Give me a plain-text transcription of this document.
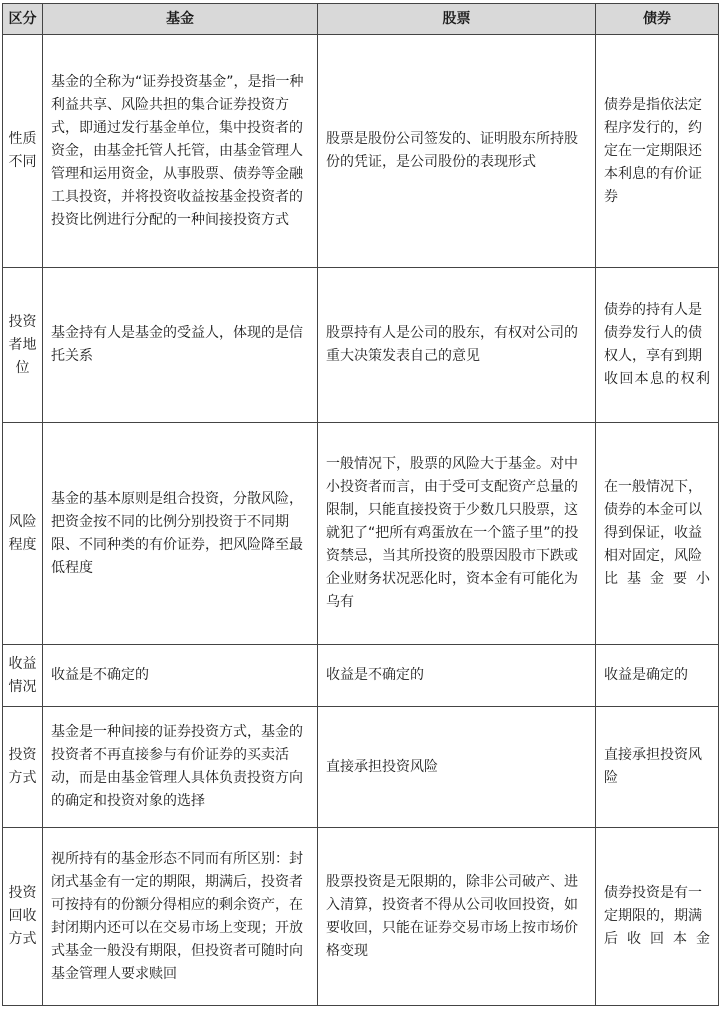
区分	基金	股票	债券
性质不同	基金的全称为“证券投资基金”，是指一种利益共享、风险共担的集合证券投资方式，即通过发行基金单位，集中投资者的资金，由基金托管人托管，由基金管理人管理和运用资金，从事股票、债券等金融工具投资，并将投资收益按基金投资者的投资比例进行分配的一种间接投资方式	股票是股份公司签发的、证明股东所持股份的凭证，是公司股份的表现形式	债券是指依法定程序发行的，约定在一定期限还本利息的有价证券
投资者地位	基金持有人是基金的受益人，体现的是信托关系	股票持有人是公司的股东，有权对公司的重大决策发表自己的意见	债券的持有人是债券发行人的债权人，享有到期收回本息的权利
风险程度	基金的基本原则是组合投资，分散风险，把资金按不同的比例分别投资于不同期限、不同种类的有价证券，把风险降至最低程度	一般情况下，股票的风险大于基金。对中小投资者而言，由于受可支配资产总量的限制，只能直接投资于少数几只股票，这就犯了“把所有鸡蛋放在一个篮子里”的投资禁忌，当其所投资的股票因股市下跌或企业财务状况恶化时，资本金有可能化为乌有	在一般情况下，债券的本金可以得到保证，收益相对固定，风险比基金要小
收益情况	收益是不确定的	收益是不确定的	收益是确定的
投资方式	基金是一种间接的证券投资方式，基金的投资者不再直接参与有价证券的买卖活动，而是由基金管理人具体负责投资方向的确定和投资对象的选择	直接承担投资风险	直接承担投资风险
投资回收方式	视所持有的基金形态不同而有所区别：封闭式基金有一定的期限，期满后，投资者可按持有的份额分得相应的剩余资产，在封闭期内还可以在交易市场上变现；开放式基金一般没有期限，但投资者可随时向基金管理人要求赎回	股票投资是无限期的，除非公司破产、进入清算，投资者不得从公司收回投资，如要收回，只能在证券交易市场上按市场价格变现	债券投资是有一定期限的，期满后收回本金
